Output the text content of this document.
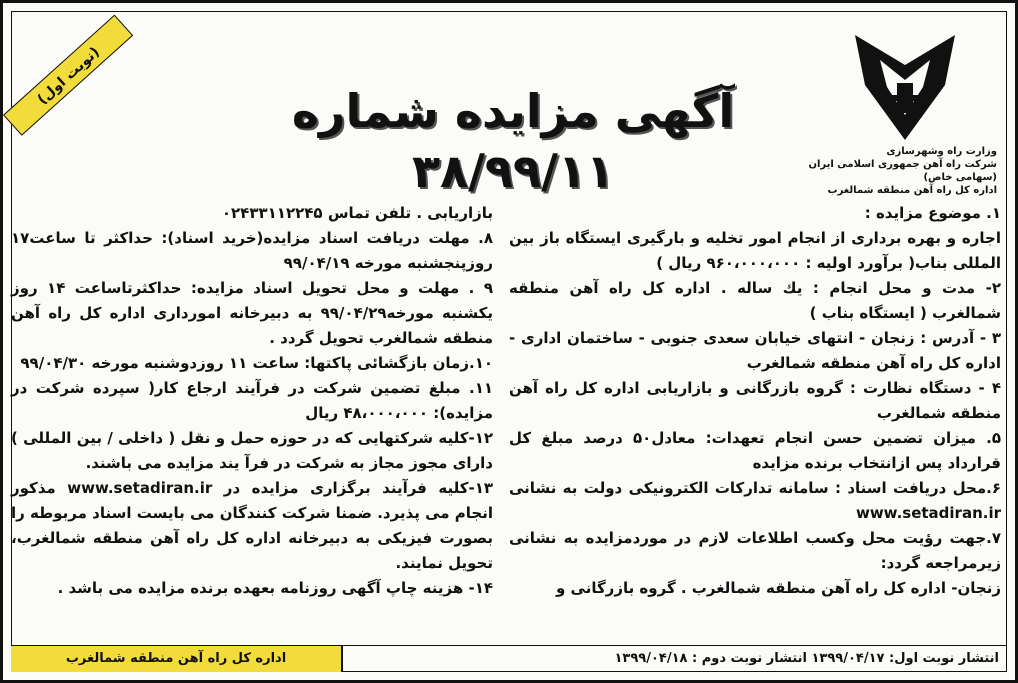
(نوبت اول)
آگهی مزایده شماره ۳۸/۹۹/۱۱	وزارت راه وشهرسازی
شرکت راه آهن جمهوری اسلامی ایران (سهامی خاص)
اداره کل راه آهن منطقه شمالغرب

۱. موضوع مزایده :

اجاره و بهره برداری از انجام امور تخلیه و بارگیری ایستگاه باز بین المللی بناب( برآورد اولیه : ۹۶۰،۰۰۰،۰۰۰ ریال )

۲- مدت و محل انجام : یك ساله . اداره کل راه آهن منطقه شمالغرب ( ایستگاه بناب )

۳ - آدرس : زنجان - انتهای خیابان سعدی جنوبی - ساختمان اداری - اداره کل راه آهن منطقه شمالغرب

۴ - دستگاه نظارت : گروه بازرگانی و بازاریابی اداره کل راه آهن منطقه شمالغرب

۵. میزان تضمین حسن انجام تعهدات: معادل۵۰ درصد مبلغ کل قرارداد پس ازانتخاب برنده مزایده

۶.محل دریافت اسناد : سامانه تدارکات الکترونیکی دولت به نشانی www.setadiran.ir

۷.جهت رؤیت محل وکسب اطلاعات لازم در موردمزایده به نشانی زیرمراجعه گردد:

زنجان- اداره کل راه آهن منطقه شمالغرب . گروه بازرگانی و

بازاریابی . تلفن تماس ۰۲۴۳۳۱۱۲۲۴۵

۸. مهلت دریافت اسناد مزایده(خرید اسناد): حداکثر تا ساعت۱۷ روزپنجشنبه مورخه ۹۹/۰۴/۱۹

۹ . مهلت و محل تحویل اسناد مزایده: حداکثرتاساعت ۱۴ روز یکشنبه مورخه۹۹/۰۴/۲۹ به دبیرخانه امورداری اداره کل راه آهن منطقه شمالغرب تحویل گردد .

۱۰.زمان بازگشائی پاکتها: ساعت ۱۱ روزدوشنبه مورخه ۹۹/۰۴/۳۰

۱۱. مبلغ تضمین شرکت در فرآیند ارجاع کار( سپرده شرکت در مزایده): ۴۸،۰۰۰،۰۰۰ ریال

۱۲-کلیه شرکتهایی که در حوزه حمل و نقل ( داخلی / بین المللی ) دارای مجوز مجاز به شرکت در فرآ یند مزایده می باشند.

۱۳-کلیه فرآیند برگزاری مزایده در www.setadiran.ir مذکور انجام می پذیرد. ضمنا شرکت کنندگان می بایست اسناد مربوطه را بصورت فیزیکی به دبیرخانه اداره کل راه آهن منطقه شمالغرب، تحویل نمایند.

۱۴- هزینه چاپ آگهی روزنامه بعهده برنده مزایده می باشد .

انتشار نوبت اول: ۱۳۹۹/۰۴/۱۷ انتشار نوبت دوم : ۱۳۹۹/۰۴/۱۸
اداره کل راه آهن منطقه شمالغرب
